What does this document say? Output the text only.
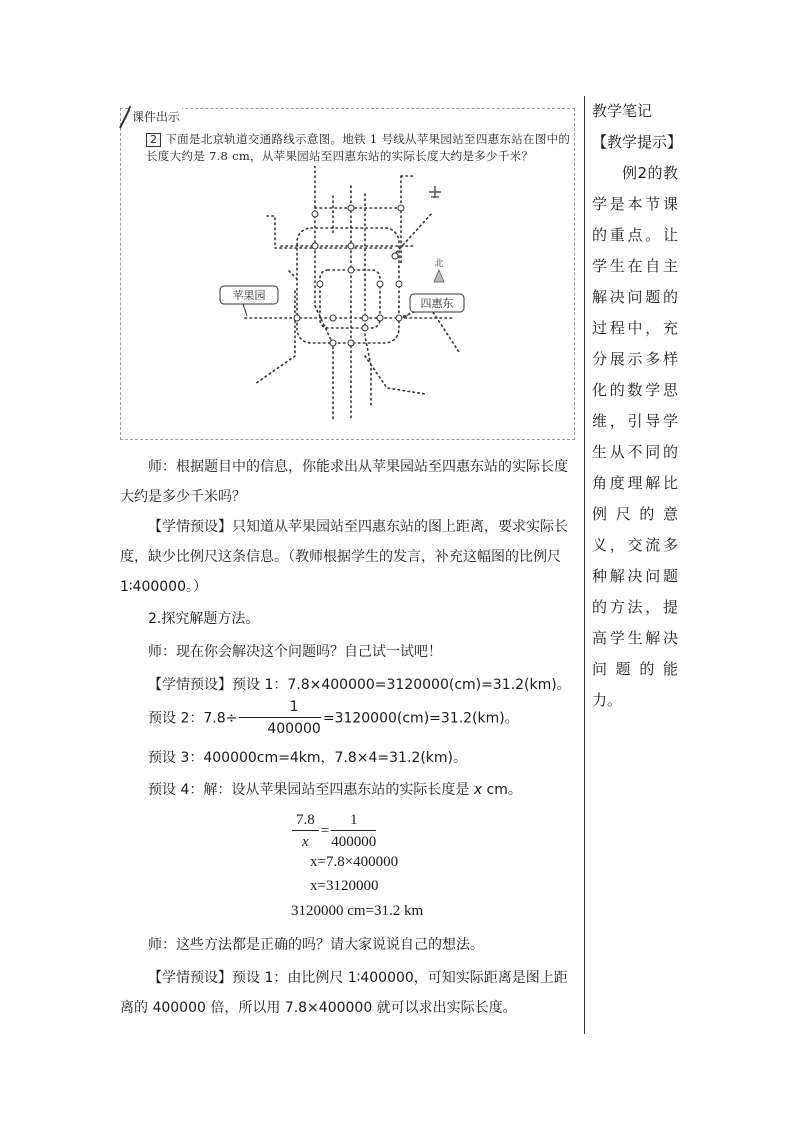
教学笔记

【教学提示】

例2的教学是本节课的重点。让学生在自主解决问题的过程中，充分展示多样化的数学思维，引导学生从不同的角度理解比例尺的意义，交流多种解决问题的方法，提高学生解决问题的能力。

课件出示
2 下面是北京轨道交通路线示意图。地铁 1 号线从苹果园站至四惠东站在图中的长度大约是 7.8 cm，从苹果园站至四惠东站的实际长度大约是多少千米？
北
苹果园
四惠东
师：根据题目中的信息，你能求出从苹果园站至四惠东站的实际长度大约是多少千米吗？
【学情预设】只知道从苹果园站至四惠东站的图上距离，要求实际长度，缺少比例尺这条信息。（教师根据学生的发言，补充这幅图的比例尺 1∶400000。）
2.探究解题方法。
师：现在你会解决这个问题吗？自己试一试吧！
【学情预设】预设 1：7.8×400000=3120000(cm)=31.2(km)。
预设 2：$7.8\div \frac{1}{400000} =3120000(cm)=31.2(km)$。
预设 3：400000cm=4km，7.8×4=31.2(km)。
预设 4：解：设从苹果园站至四惠东站的实际长度是 x cm。
$\frac{7.8}{x} = \frac{1}{400000}$
x=7.8×400000
x=3120000
3120000 cm=31.2 km
师：这些方法都是正确的吗？请大家说说自己的想法。
【学情预设】预设 1：由比例尺 1∶400000，可知实际距离是图上距离的 400000 倍，所以用 7.8×400000 就可以求出实际长度。
